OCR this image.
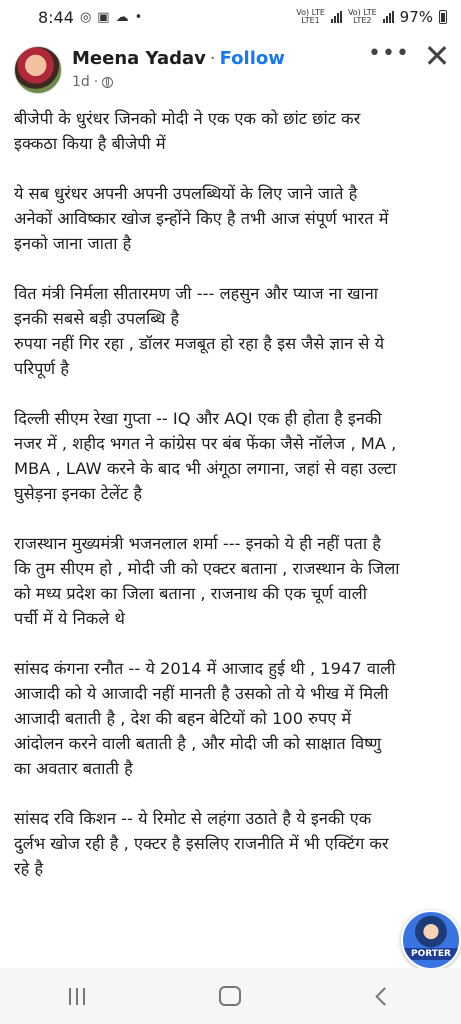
8:44 ◎ ▣ ☁ •	Vo) LTE
LTE1
Vo) LTE
LTE2	97%
Meena Yadav · Follow
1d ·
••• ✕

बीजेपी के धुरंधर जिनको मोदी ने एक एक को छांट छांट कर
इक्कठा किया है बीजेपी में

ये सब धुरंधर अपनी अपनी उपलब्धियों के लिए जाने जाते है
अनेकों आविष्कार खोज इन्होंने किए है तभी आज संपूर्ण भारत में
इनको जाना जाता है

वित मंत्री निर्मला सीतारमण जी --- लहसुन और प्याज ना खाना
इनकी सबसे बड़ी उपलब्धि है
रुपया नहीं गिर रहा , डॉलर मजबूत हो रहा है इस जैसे ज्ञान से ये
परिपूर्ण है

दिल्ली सीएम रेखा गुप्ता -- IQ और AQI एक ही होता है इनकी
नजर में , शहीद भगत ने कांग्रेस पर बंब फेंका जैसे नॉलेज , MA ,
MBA , LAW करने के बाद भी अंगूठा लगाना, जहां से वहा उल्टा
घुसेड़ना इनका टेलेंट है

राजस्थान मुख्यमंत्री भजनलाल शर्मा --- इनको ये ही नहीं पता है
कि तुम सीएम हो , मोदी जी को एक्टर बताना , राजस्थान के जिला
को मध्य प्रदेश का जिला बताना , राजनाथ की एक चूर्ण वाली
पर्ची में ये निकले थे

सांसद कंगना रनौत -- ये 2014 में आजाद हुई थी , 1947 वाली
आजादी को ये आजादी नहीं मानती है उसको तो ये भीख में मिली
आजादी बताती है , देश की बहन बेटियों को 100 रुपए में
आंदोलन करने वाली बताती है , और मोदी जी को साक्षात विष्णु
का अवतार बताती है

सांसद रवि किशन -- ये रिमोट से लहंगा उठाते है ये इनकी एक
दुर्लभ खोज रही है , एक्टर है इसलिए राजनीति में भी एक्टिंग कर
रहे है

PORTER
